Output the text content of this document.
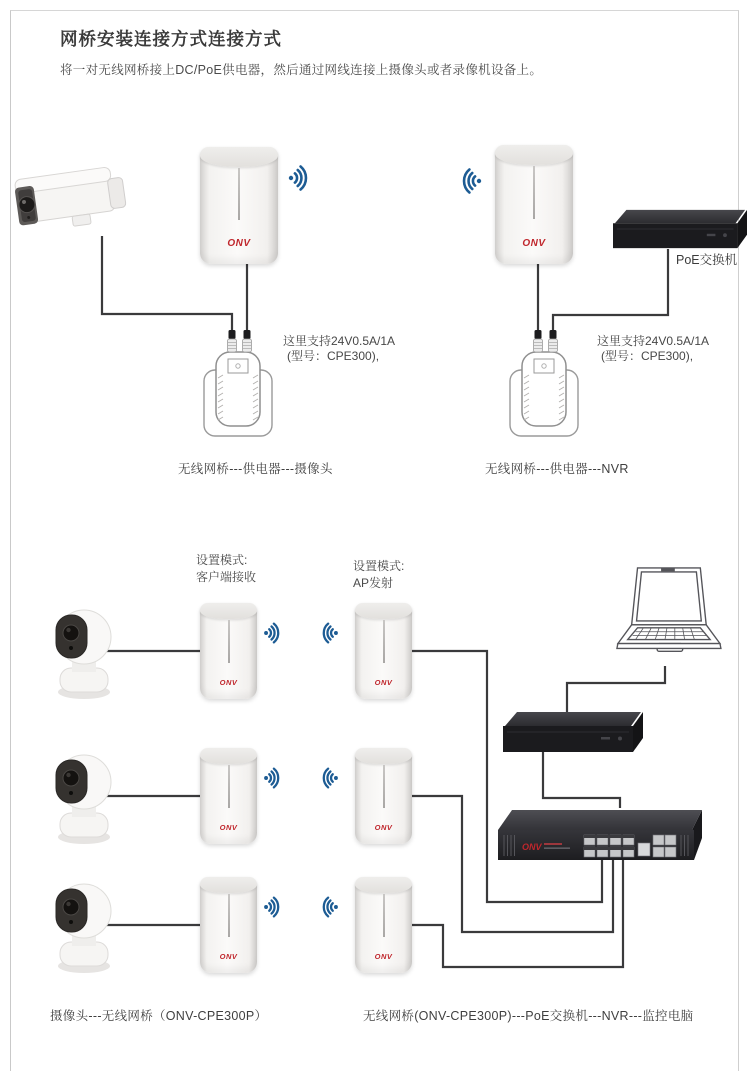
网桥安装连接方式连接方式
将一对无线网桥接上DC/PoE供电器，然后通过网线连接上摄像头或者录像机设备上。
ONV
这里支持24V0.5A/1A
(型号：CPE300),
无线网桥---供电器---摄像头
ONV
PoE交换机
这里支持24V0.5A/1A
(型号：CPE300),
无线网桥---供电器---NVR
设置模式:
客户端接收
设置模式:
AP发射
ONV	ONV
ONV	ONV
ONV	ONV
ONV
摄像头---无线网桥（ONV-CPE300P）	无线网桥(ONV-CPE300P)---PoE交换机---NVR---监控电脑
